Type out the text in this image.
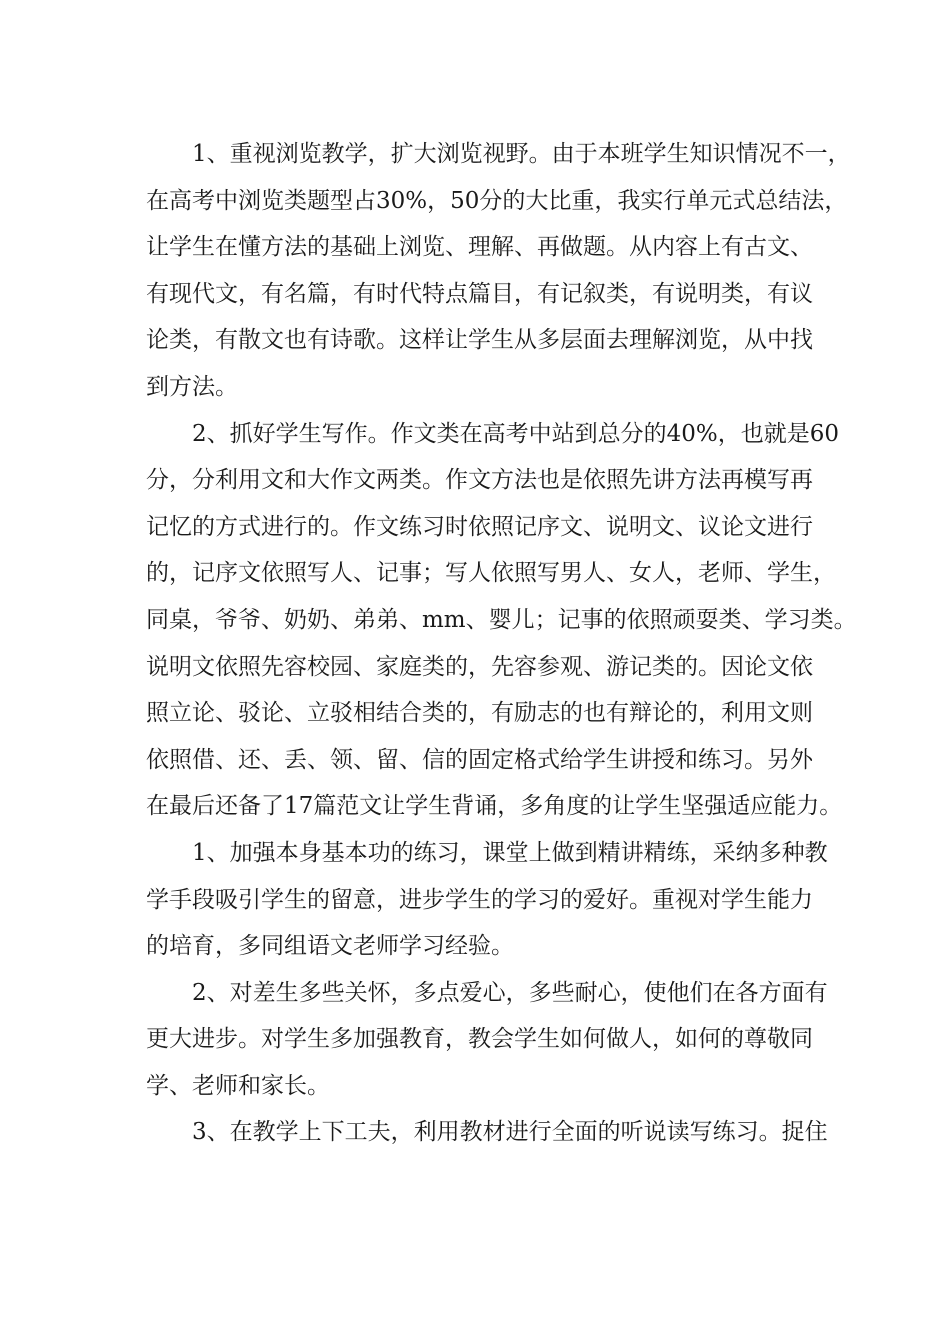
1、重视浏览教学，扩大浏览视野。由于本班学生知识情况不一，
在高考中浏览类题型占30%，50分的大比重，我实行单元式总结法，
让学生在懂方法的基础上浏览、理解、再做题。从内容上有古文、
有现代文，有名篇，有时代特点篇目，有记叙类，有说明类，有议
论类，有散文也有诗歌。这样让学生从多层面去理解浏览，从中找
到方法。
2、抓好学生写作。作文类在高考中站到总分的40%，也就是60
分，分利用文和大作文两类。作文方法也是依照先讲方法再模写再
记忆的方式进行的。作文练习时依照记序文、说明文、议论文进行
的，记序文依照写人、记事；写人依照写男人、女人，老师、学生，
同桌，爷爷、奶奶、弟弟、mm、婴儿；记事的依照顽耍类、学习类。
说明文依照先容校园、家庭类的，先容参观、游记类的。因论文依
照立论、驳论、立驳相结合类的，有励志的也有辩论的，利用文则
依照借、还、丢、领、留、信的固定格式给学生讲授和练习。另外
在最后还备了17篇范文让学生背诵，多角度的让学生坚强适应能力。
1、加强本身基本功的练习，课堂上做到精讲精练，采纳多种教
学手段吸引学生的留意，进步学生的学习的爱好。重视对学生能力
的培育，多同组语文老师学习经验。
2、对差生多些关怀，多点爱心，多些耐心，使他们在各方面有
更大进步。对学生多加强教育，教会学生如何做人，如何的尊敬同
学、老师和家长。
3、在教学上下工夫，利用教材进行全面的听说读写练习。捉住
